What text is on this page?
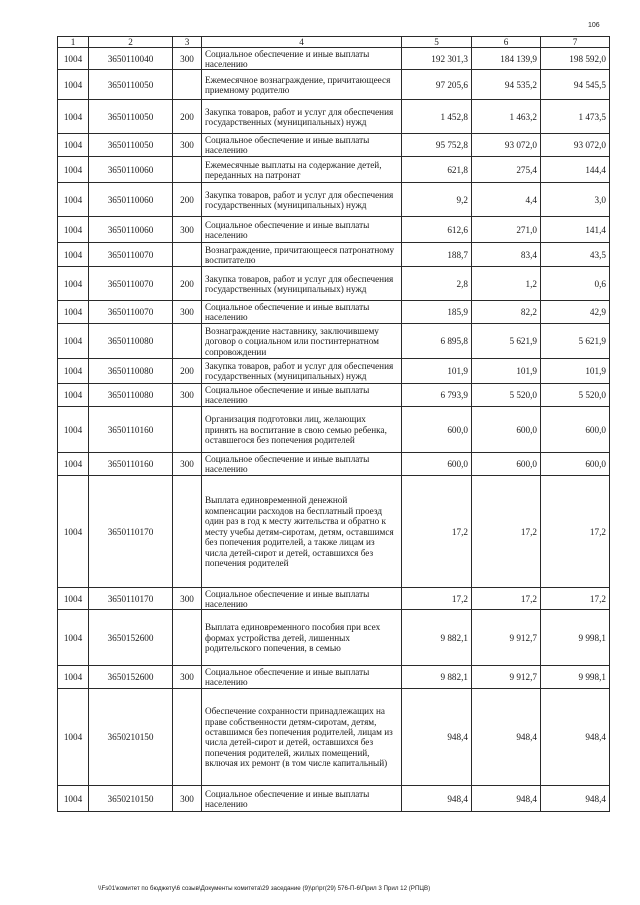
106
1	2	3	4	5	6	7
1004	3650110040	300	Социальное обеспечение и иные выплаты населению	192 301,3	184 139,9	198 592,0
1004	3650110050		Ежемесячное вознаграждение, причитающееся приемному родителю	97 205,6	94 535,2	94 545,5
1004	3650110050	200	Закупка товаров, работ и услуг для обеспечения государственных (муниципальных) нужд	1 452,8	1 463,2	1 473,5
1004	3650110050	300	Социальное обеспечение и иные выплаты населению	95 752,8	93 072,0	93 072,0
1004	3650110060		Ежемесячные выплаты на содержание детей, переданных на патронат	621,8	275,4	144,4
1004	3650110060	200	Закупка товаров, работ и услуг для обеспечения государственных (муниципальных) нужд	9,2	4,4	3,0
1004	3650110060	300	Социальное обеспечение и иные выплаты населению	612,6	271,0	141,4
1004	3650110070		Вознаграждение, причитающееся патронатному воспитателю	188,7	83,4	43,5
1004	3650110070	200	Закупка товаров, работ и услуг для обеспечения государственных (муниципальных) нужд	2,8	1,2	0,6
1004	3650110070	300	Социальное обеспечение и иные выплаты населению	185,9	82,2	42,9
1004	3650110080		Вознаграждение наставнику, заключившему договор о социальном или постинтернатном сопровождении	6 895,8	5 621,9	5 621,9
1004	3650110080	200	Закупка товаров, работ и услуг для обеспечения государственных (муниципальных) нужд	101,9	101,9	101,9
1004	3650110080	300	Социальное обеспечение и иные выплаты населению	6 793,9	5 520,0	5 520,0
1004	3650110160		Организация подготовки лиц, желающих принять на воспитание в свою семью ребенка, оставшегося без попечения родителей	600,0	600,0	600,0
1004	3650110160	300	Социальное обеспечение и иные выплаты населению	600,0	600,0	600,0
1004	3650110170		Выплата единовременной денежной компенсации расходов на бесплатный проезд один раз в год к месту жительства и обратно к месту учебы детям-сиротам, детям, оставшимся без попечения родителей, а также лицам из числа детей-сирот и детей, оставшихся без попечения родителей	17,2	17,2	17,2
1004	3650110170	300	Социальное обеспечение и иные выплаты населению	17,2	17,2	17,2
1004	3650152600		Выплата единовременного пособия при всех формах устройства детей, лишенных родительского попечения, в семью	9 882,1	9 912,7	9 998,1
1004	3650152600	300	Социальное обеспечение и иные выплаты населению	9 882,1	9 912,7	9 998,1
1004	3650210150		Обеспечение сохранности принадлежащих на праве собственности детям-сиротам, детям, оставшимся без попечения родителей, лицам из числа детей-сирот и детей, оставшихся без попечения родителей, жилых помещений, включая их ремонт (в том числе капитальный)	948,4	948,4	948,4
1004	3650210150	300	Социальное обеспечение и иные выплаты населению	948,4	948,4	948,4
\\Fs01\комитет по бюджету\6 созыв\Документы комитета\29 заседание (9)\рг\рг(29) 576-П-6\Прил 3 Прил 12 (РПЦВ)
